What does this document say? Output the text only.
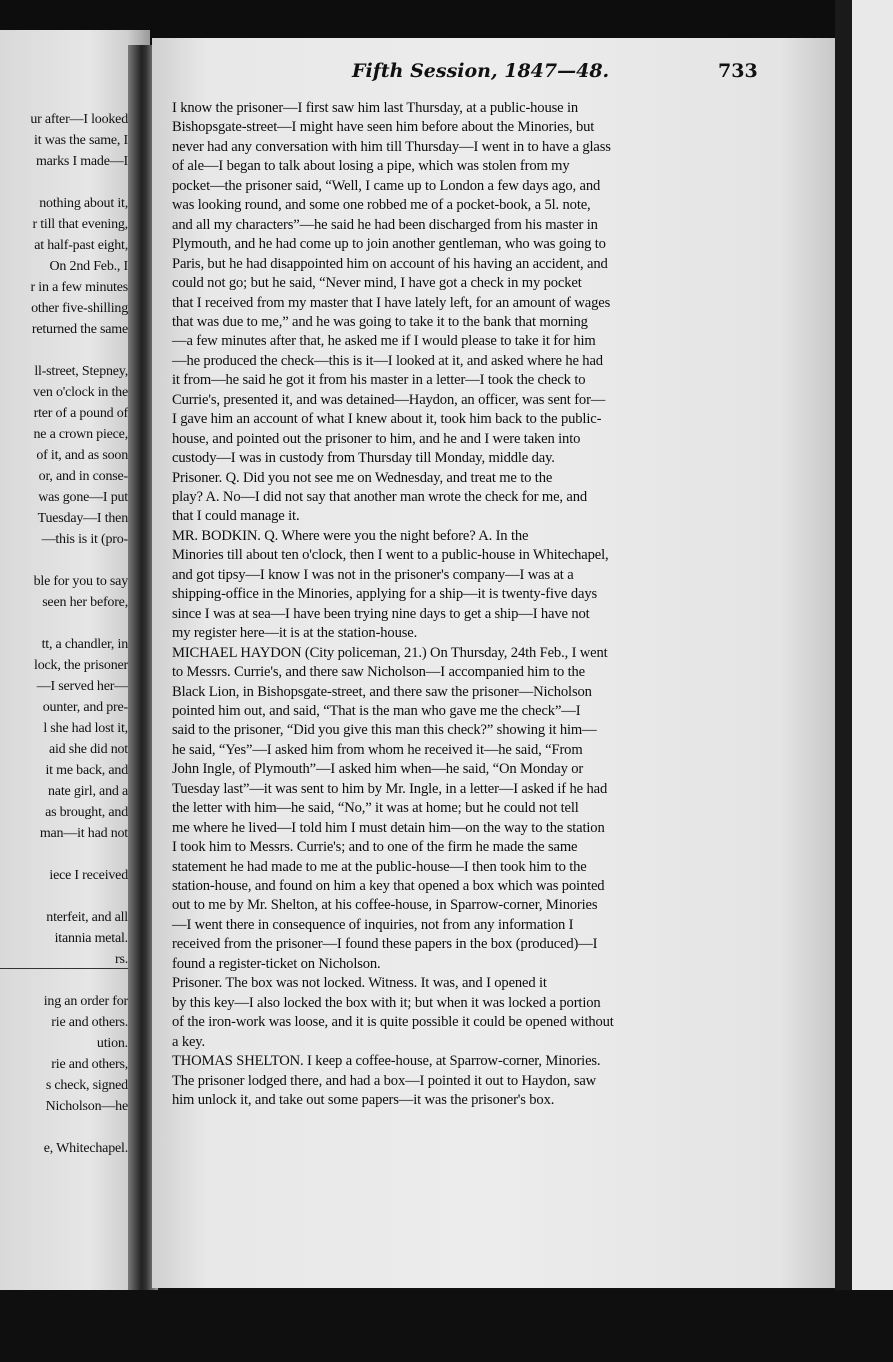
ur after—I looked
it was the same, I
marks I made—I
nothing about it,
r till that evening,
at half-past eight,
On 2nd Feb., I
r in a few minutes
other five-shilling
returned the same
ll-street, Stepney,
ven o'clock in the
rter of a pound of
ne a crown piece,
of it, and as soon
or, and in conse-
was gone—I put
Tuesday—I then
—this is it (pro-
ble for you to say
seen her before,
tt, a chandler, in
lock, the prisoner
—I served her—
ounter, and pre-
l she had lost it,
aid she did not
it me back, and
nate girl, and a
as brought, and
man—it had not
iece I received
nterfeit, and all
itannia metal.
rs.
ing an order for
rie and others.
ution.
rie and others,
s check, signed
Nicholson—he
e, Whitechapel.
Fifth Session, 1847—48.	733
I know the prisoner—I first saw him last Thursday, at a public-house in
Bishopsgate-street—I might have seen him before about the Minories, but
never had any conversation with him till Thursday—I went in to have a glass
of ale—I began to talk about losing a pipe, which was stolen from my
pocket—the prisoner said, “Well, I came up to London a few days ago, and
was looking round, and some one robbed me of a pocket-book, a 5l. note,
and all my characters”—he said he had been discharged from his master in
Plymouth, and he had come up to join another gentleman, who was going to
Paris, but he had disappointed him on account of his having an accident, and
could not go; but he said, “Never mind, I have got a check in my pocket
that I received from my master that I have lately left, for an amount of wages
that was due to me,” and he was going to take it to the bank that morning
—a few minutes after that, he asked me if I would please to take it for him
—he produced the check—this is it—I looked at it, and asked where he had
it from—he said he got it from his master in a letter—I took the check to
Currie's, presented it, and was detained—Haydon, an officer, was sent for—
I gave him an account of what I knew about it, took him back to the public-
house, and pointed out the prisoner to him, and he and I were taken into
custody—I was in custody from Thursday till Monday, middle day.
Prisoner. Q. Did you not see me on Wednesday, and treat me to the
play? A. No—I did not say that another man wrote the check for me, and
that I could manage it.
MR. BODKIN. Q. Where were you the night before? A. In the
Minories till about ten o'clock, then I went to a public-house in Whitechapel,
and got tipsy—I know I was not in the prisoner's company—I was at a
shipping-office in the Minories, applying for a ship—it is twenty-five days
since I was at sea—I have been trying nine days to get a ship—I have not
my register here—it is at the station-house.
MICHAEL HAYDON (City policeman, 21.) On Thursday, 24th Feb., I went
to Messrs. Currie's, and there saw Nicholson—I accompanied him to the
Black Lion, in Bishopsgate-street, and there saw the prisoner—Nicholson
pointed him out, and said, “That is the man who gave me the check”—I
said to the prisoner, “Did you give this man this check?” showing it him—
he said, “Yes”—I asked him from whom he received it—he said, “From
John Ingle, of Plymouth”—I asked him when—he said, “On Monday or
Tuesday last”—it was sent to him by Mr. Ingle, in a letter—I asked if he had
the letter with him—he said, “No,” it was at home; but he could not tell
me where he lived—I told him I must detain him—on the way to the station
I took him to Messrs. Currie's; and to one of the firm he made the same
statement he had made to me at the public-house—I then took him to the
station-house, and found on him a key that opened a box which was pointed
out to me by Mr. Shelton, at his coffee-house, in Sparrow-corner, Minories
—I went there in consequence of inquiries, not from any information I
received from the prisoner—I found these papers in the box (produced)—I
found a register-ticket on Nicholson.
Prisoner. The box was not locked. Witness. It was, and I opened it
by this key—I also locked the box with it; but when it was locked a portion
of the iron-work was loose, and it is quite possible it could be opened without
a key.
THOMAS SHELTON. I keep a coffee-house, at Sparrow-corner, Minories.
The prisoner lodged there, and had a box—I pointed it out to Haydon, saw
him unlock it, and take out some papers—it was the prisoner's box.
